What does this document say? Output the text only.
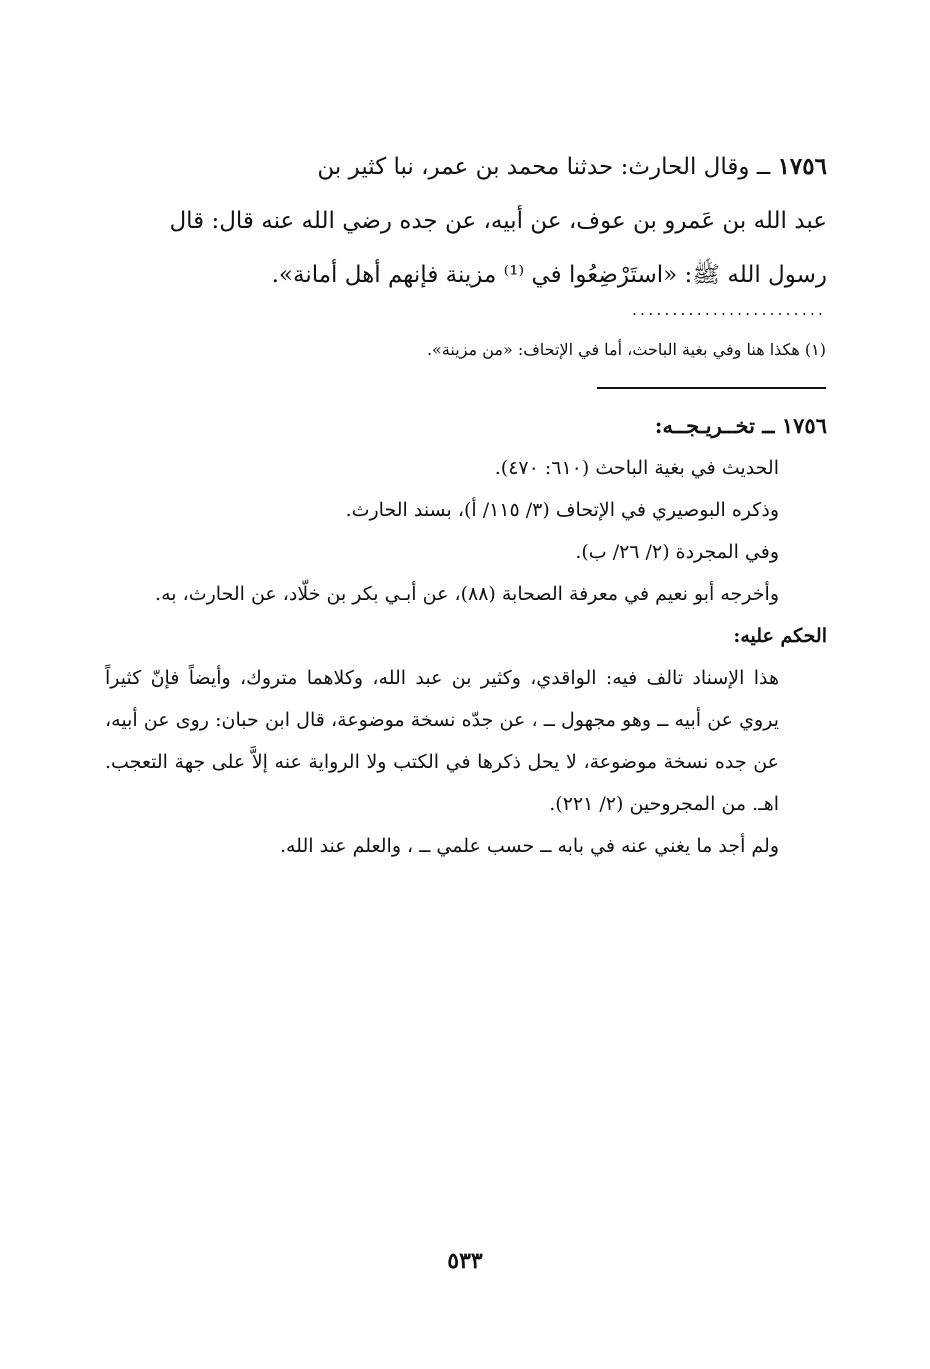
١٧٥٦ ــ وقال الحارث: حدثنا محمد بن عمر، نبا كثير بن

عبد الله بن عَمرو بن عوف، عن أبيه، عن جده رضي الله عنه قال: قال

رسول الله ﷺ: «استَرْضِعُوا في ⁽¹⁾ مزينة فإنهم أهل أمانة».

........................
(١) هكذا هنا وفي بغية الباحث، أما في الإتحاف: «من مزينة».

١٧٥٦ ــ تخــريـجــه:

الحديث في بغية الباحث (٦١٠: ٤٧٠).

وذكره البوصيري في الإتحاف (٣/ ١١٥/ أ)، بسند الحارث.

وفي المجردة (٢/ ٢٦/ ب).

وأخرجه أبو نعيم في معرفة الصحابة (٨٨)، عن أبـي بكر بن خلّاد، عن الحارث، به.

الحكم عليه:

هذا الإسناد تالف فيه: الواقدي، وكثير بن عبد الله، وكلاهما متروك، وأيضاً فإنّ كثيراً يروي عن أبيه ــ وهو مجهول ــ ، عن جدّه نسخة موضوعة، قال ابن حبان: روى عن أبيه، عن جده نسخة موضوعة، لا يحل ذكرها في الكتب ولا الرواية عنه إلاَّ على جهة التعجب. اهـ. من المجروحين (٢/ ٢٢١).

ولم أجد ما يغني عنه في بابه ــ حسب علمي ــ ، والعلم عند الله.

٥٣٣
